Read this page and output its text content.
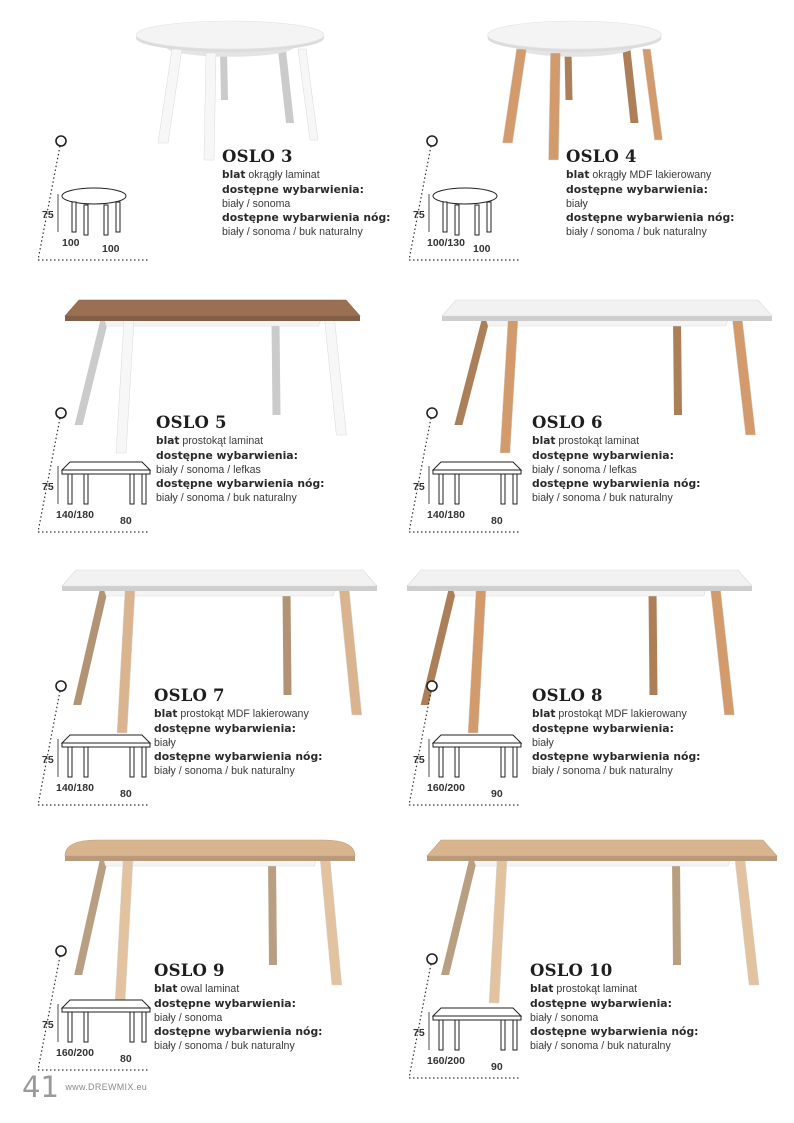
75
100 100
OSLO 3
blat okrągły laminat
dostępne wybarwienia:
biały / sonoma
dostępne wybarwienia nóg:
biały / sonoma / buk naturalny
75
100/130 100
OSLO 4
blat okrągły MDF lakierowany
dostępne wybarwienia:
biały
dostępne wybarwienia nóg:
biały / sonoma / buk naturalny
75
140/180 80
OSLO 5
blat prostokąt laminat
dostępne wybarwienia:
biały / sonoma / lefkas
dostępne wybarwienia nóg:
biały / sonoma / buk naturalny
75
140/180 80
OSLO 6
blat prostokąt laminat
dostępne wybarwienia:
biały / sonoma / lefkas
dostępne wybarwienia nóg:
biały / sonoma / buk naturalny
75
140/180 80
OSLO 7
blat prostokąt MDF lakierowany
dostępne wybarwienia:
biały
dostępne wybarwienia nóg:
biały / sonoma / buk naturalny
75
160/200 90
OSLO 8
blat prostokąt MDF lakierowany
dostępne wybarwienia:
biały
dostępne wybarwienia nóg:
biały / sonoma / buk naturalny
75
160/200 80
OSLO 9
blat owal laminat
dostępne wybarwienia:
biały / sonoma
dostępne wybarwienia nóg:
biały / sonoma / buk naturalny
75
160/200 90
OSLO 10
blat prostokąt laminat
dostępne wybarwienia:
biały / sonoma
dostępne wybarwienia nóg:
biały / sonoma / buk naturalny
41 www.DREWMIX.eu
